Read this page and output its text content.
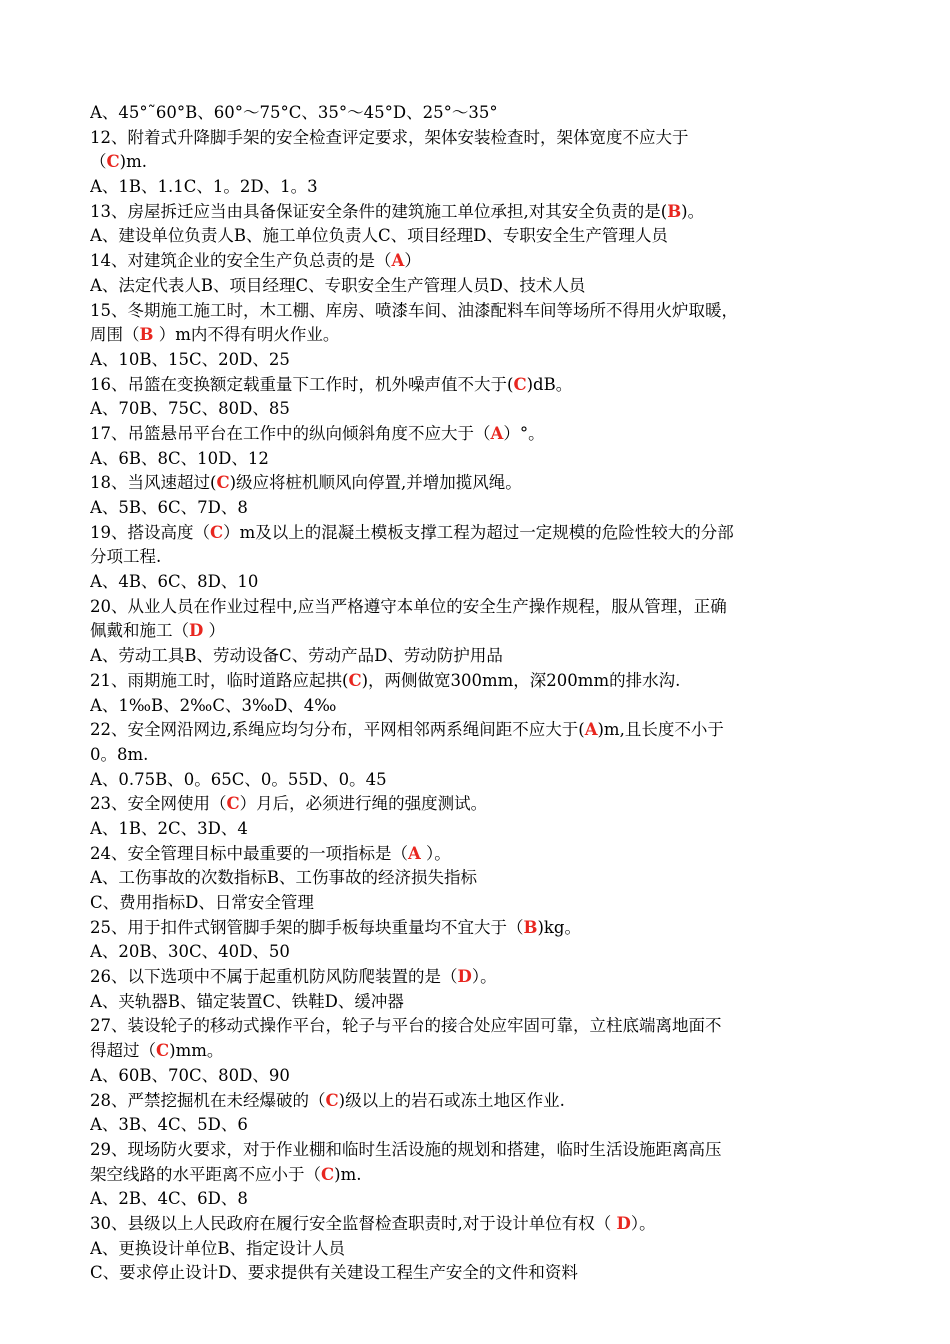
A、45°˜60°B、60°～75°C、35°～45°D、25°～35°
12、附着式升降脚手架的安全检查评定要求，架体安装检查时，架体宽度不应大于
（C)m.
A、1B、1.1C、1。2D、1。3
13、房屋拆迁应当由具备保证安全条件的建筑施工单位承担,对其安全负责的是(B)。
A、建设单位负责人B、施工单位负责人C、项目经理D、专职安全生产管理人员
14、对建筑企业的安全生产负总责的是（A）
A、法定代表人B、项目经理C、专职安全生产管理人员D、技术人员
15、冬期施工施工时，木工棚、库房、喷漆车间、油漆配料车间等场所不得用火炉取暖，
周围（B ）m内不得有明火作业。
A、10B、15C、20D、25
16、吊篮在变换额定载重量下工作时，机外噪声值不大于(C)dB。
A、70B、75C、80D、85
17、吊篮悬吊平台在工作中的纵向倾斜角度不应大于（A）°。
A、6B、8C、10D、12
18、当风速超过(C)级应将桩机顺风向停置,并增加揽风绳。
A、5B、6C、7D、8
19、搭设高度（C）m及以上的混凝土模板支撑工程为超过一定规模的危险性较大的分部
分项工程.
A、4B、6C、8D、10
20、从业人员在作业过程中,应当严格遵守本单位的安全生产操作规程，服从管理，正确
佩戴和施工（D ）
A、劳动工具B、劳动设备C、劳动产品D、劳动防护用品
21、雨期施工时，临时道路应起拱(C)，两侧做宽300mm，深200mm的排水沟.
A、1‰B、2‰C、3‰D、4‰
22、安全网沿网边,系绳应均匀分布，平网相邻两系绳间距不应大于(A)m,且长度不小于
0。8m.
A、0.75B、0。65C、0。55D、0。45
23、安全网使用（C）月后，必须进行绳的强度测试。
A、1B、2C、3D、4
24、安全管理目标中最重要的一项指标是（A ）。
A、工伤事故的次数指标B、工伤事故的经济损失指标
C、费用指标D、日常安全管理
25、用于扣件式钢管脚手架的脚手板每块重量均不宜大于（B)kg。
A、20B、30C、40D、50
26、以下选项中不属于起重机防风防爬装置的是（D）。
A、夹轨器B、锚定装置C、铁鞋D、缓冲器
27、装设轮子的移动式操作平台，轮子与平台的接合处应牢固可靠，立柱底端离地面不
得超过（C)mm。
A、60B、70C、80D、90
28、严禁挖掘机在未经爆破的（C)级以上的岩石或冻土地区作业.
A、3B、4C、5D、6
29、现场防火要求，对于作业棚和临时生活设施的规划和搭建，临时生活设施距离高压
架空线路的水平距离不应小于（C)m.
A、2B、4C、6D、8
30、县级以上人民政府在履行安全监督检查职责时,对于设计单位有权（ D）。
A、更换设计单位B、指定设计人员
C、要求停止设计D、要求提供有关建设工程生产安全的文件和资料
